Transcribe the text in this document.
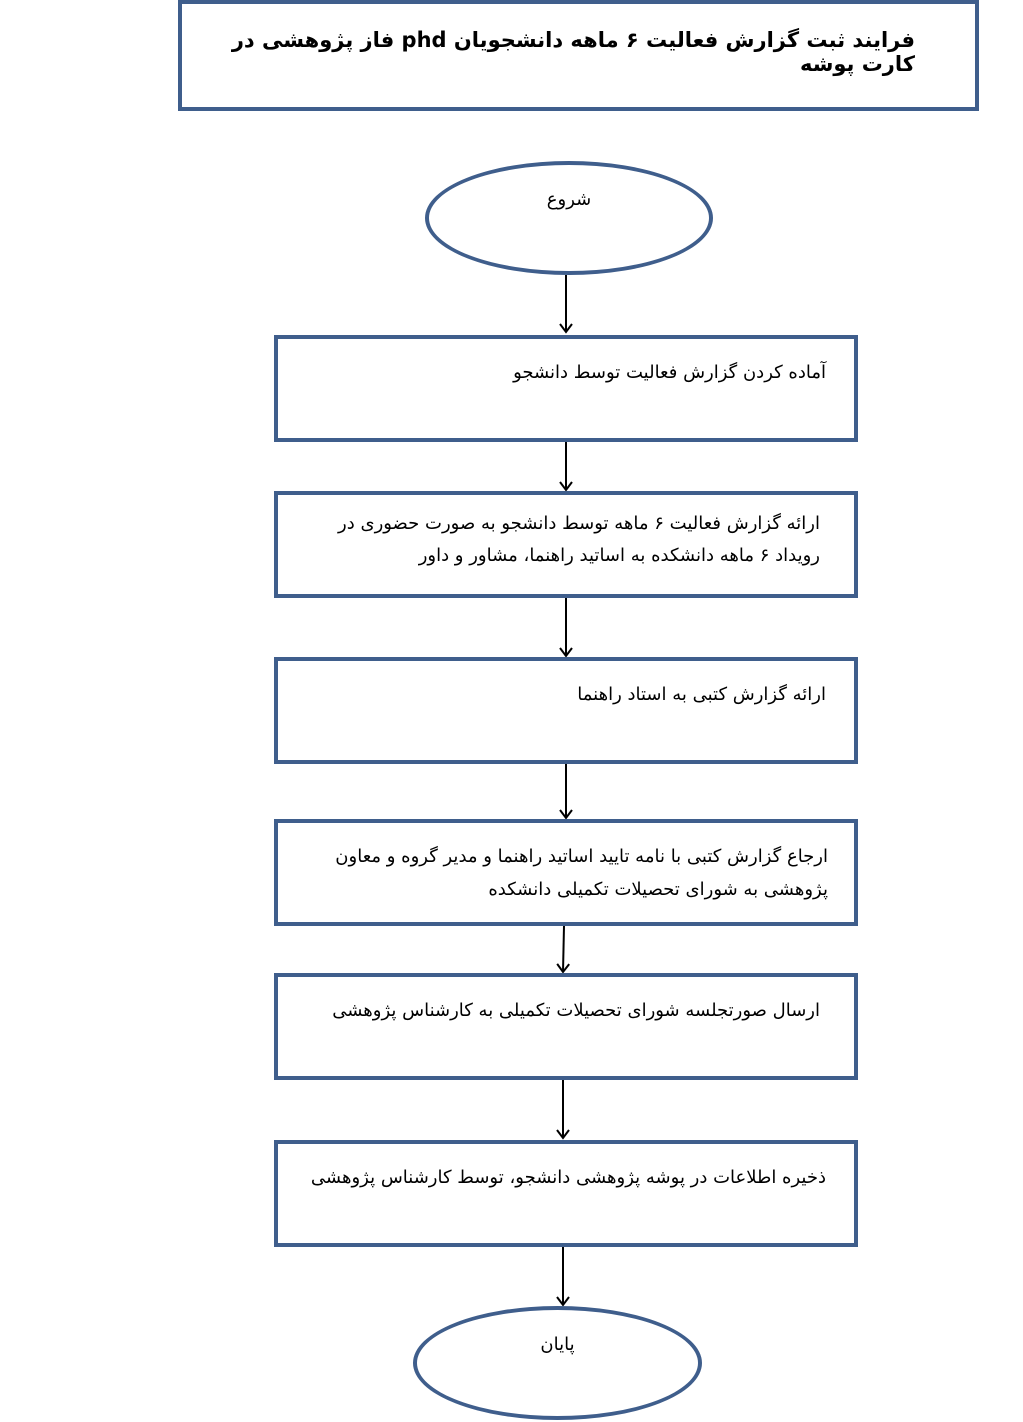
فرایند ثبت گزارش فعالیت ۶ ماهه دانشجویان phd فاز پژوهشی در کارت پوشه
شروع
آماده کردن گزارش فعالیت توسط دانشجو
ارائه گزارش فعالیت ۶ ماهه توسط دانشجو به صورت حضوری در رویداد ۶ ماهه دانشکده به اساتید راهنما، مشاور و داور
ارائه گزارش کتبی به استاد راهنما
ارجاع گزارش کتبی با نامه تایید اساتید راهنما و مدیر گروه و معاون پژوهشی به شورای تحصیلات تکمیلی دانشکده
ارسال صورتجلسه شورای تحصیلات تکمیلی به کارشناس پژوهشی
ذخیره اطلاعات در پوشه پژوهشی دانشجو، توسط کارشناس پژوهشی
پایان
